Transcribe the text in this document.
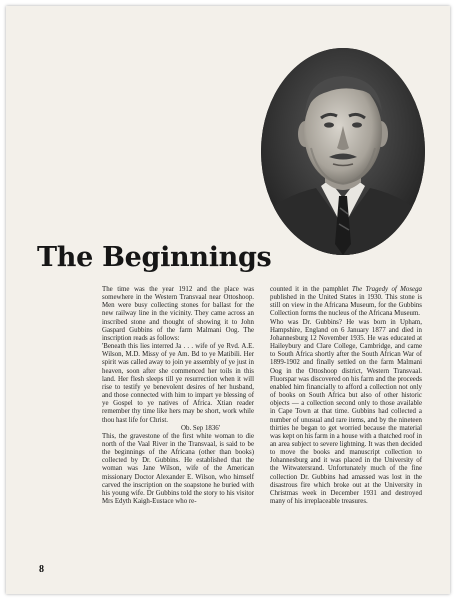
The Beginnings

The time was the year 1912 and the place was somewhere in the Western Transvaal near Ottoshoop. Men were busy collecting stones for ballast for the new railway line in the vicinity. They came across an inscribed stone and thought of showing it to John Gaspard Gubbins of the farm Malmani Oog. The inscription reads as follows:

'Beneath this lies interred Ja . . . wife of ye Rvd. A.E. Wilson, M.D. Missy of ye Am. Bd to ye Matibili. Her spirit was called away to join ye assembly of ye just in heaven, soon after she commenced her toils in this land. Her flesh sleeps till ye resurrection when it will rise to testify ye benevolent desires of her husband, and those connected with him to impart ye blessing of ye Gospel to ye natives of Africa. Xtian reader remember thy time like hers may be short, work while thou hast life for Christ.

Ob. Sep 1836'

This, the gravestone of the first white woman to die north of the Vaal River in the Transvaal, is said to be the beginnings of the Africana (other than books) collected by Dr. Gubbins. He established that the woman was Jane Wilson, wife of the American missionary Doctor Alexander E. Wilson, who himself carved the inscription on the soapstone he buried with his young wife. Dr Gubbins told the story to his visitor Mrs Edyth Kaigh-Eustace who re-

counted it in the pamphlet The Tragedy of Mosega published in the United States in 1930. This stone is still on view in the Africana Museum, for the Gubbins Collection forms the nucleus of the Africana Museum.

Who was Dr. Gubbins? He was born in Upham, Hampshire, England on 6 January 1877 and died in Johannesburg 12 November 1935. He was educated at Haileybury and Clare College, Cambridge, and came to South Africa shortly after the South African War of 1899-1902 and finally settled on the farm Malmani Oog in the Ottoshoop district, Western Transvaal. Fluorspar was discovered on his farm and the proceeds enabled him financially to afford a collection not only of books on South Africa but also of other historic objects — a collection second only to those available in Cape Town at that time. Gubbins had collected a number of unusual and rare items, and by the nineteen thirties he began to get worried because the material was kept on his farm in a house with a thatched roof in an area subject to severe lightning. It was then decided to move the books and manuscript collection to Johannesburg and it was placed in the University of the Witwatersrand. Unfortunately much of the fine collection Dr. Gubbins had amassed was lost in the disastrous fire which broke out at the University in Christmas week in December 1931 and destroyed many of his irreplaceable treasures.

8
